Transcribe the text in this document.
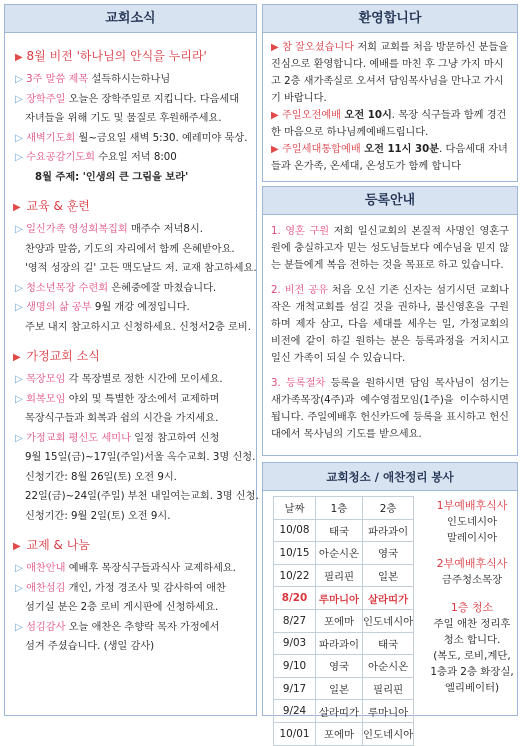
교회소식
▶ 8월 비전 '하나님의 안식을 누리라'
▷ 3주 말씀 제목 설득하시는하나님
▷ 장학주일 오늘은 장학주일로 지킵니다. 다음세대
자녀들을 위해 기도 및 물질로 후원해주세요.
▷ 새벽기도회 월~금요일 새벽 5:30. 예레미야 묵상.
▷ 수요공감기도회 수요일 저녁 8:00
8월 주제: '인생의 큰 그림을 보라'
▶ 교육 & 훈련
▷ 일신가족 영성회복집회 매주수 저녁8시.
찬양과 말씀, 기도의 자리에서 함께 은혜받아요.
'영적 성장의 길' 고든 맥도날드 저. 교재 참고하세요.
▷ 청소년목장 수련회 은혜중에잘 마쳤습니다.
▷ 생명의 삶 공부 9월 개강 예정입니다.
주보 내지 참고하시고 신청하세요. 신청서2층 로비.
▶ 가정교회 소식
▷ 목장모임 각 목장별로 정한 시간에 모이세요.
▷ 회복모임 야외 및 특별한 장소에서 교제하며
목장식구들과 회복과 쉼의 시간을 가지세요.
▷ 가정교회 평신도 세미나 일정 참고하여 신청
9월 15일(금)~17일(주일)서울 옥수교회. 3명 신청.
신청기간: 8월 26일(토) 오전 9시.
22일(금)~24일(주일) 부천 내일여는교회. 3명 신청.
신청기간: 9월 2일(토) 오전 9시.
▶ 교제 & 나눔
▷ 애찬안내 예배후 목장식구들과식사 교제하세요.
▷ 애찬섬김 개인, 가정 경조사 및 감사하여 애찬
섬기실 분은 2층 로비 게시판에 신청하세요.
▷ 섬김감사 오늘 애찬은 추향락 목자 가정에서
섬겨 주셨습니다. (생일 감사)
환영합니다
▶ 참 잘오셨습니다 저희 교회를 처음 방문하신 분들을 진심으로 환영합니다. 예배를 마친 후 그냥 가지 마시고 2층 새가족실로 오셔서 담임목사님을 만나고 가시기 바랍니다.
▶ 주일오전예배 오전 10시. 목장 식구들과 함께 경건한 마음으로 하나님께예배드립니다.
▶ 주일세대통합예배 오전 11시 30분. 다음세대 자녀들과 온가족, 온세대, 온성도가 함께 합니다
등록안내

1. 영혼 구원 저희 일신교회의 본질적 사명인 영혼구원에 충실하고자 믿는 성도님들보다 예수님을 믿지 않는 분들에게 복음 전하는 것을 목표로 하고 있습니다.

2. 비전 공유 처음 오신 기존 신자는 섬기시던 교회나 작은 개척교회를 섬길 것을 권하나, 불신영혼을 구원하며 제자 삼고, 다음 세대를 세우는 일, 가정교회의 비전에 같이 하길 원하는 분은 등록과정을 거치시고 일신 가족이 되실 수 있습니다.

3. 등록절차 등록을 원하시면 담임 목사님이 섬기는 새가족목장(4주)과 예수영접모임(1주)을 이수하시면 됩니다. 주일예배후 헌신카드에 등록을 표시하고 헌신대에서 목사님의 기도를 받으세요.

교회청소 / 애찬정리 봉사
날짜	1층	2층
10/08	태국	파라과이
10/15	아순시온	영국
10/22	필리핀	일본
8/20	루마니아	살라띠가
8/27	포에마	인도네시아
9/03	파라과이	태국
9/10	영국	아순시온
9/17	일본	필리핀
9/24	살라띠가	루마니아
10/01	포에마	인도네시아
1부예배후식사
인도네시아
말레이시아
2부예배후식사
금주청소목장
1층 청소
주일 애찬 정리후
청소 합니다.
(복도, 로비,계단,
1층과 2층 화장실,
엘리베이터)
